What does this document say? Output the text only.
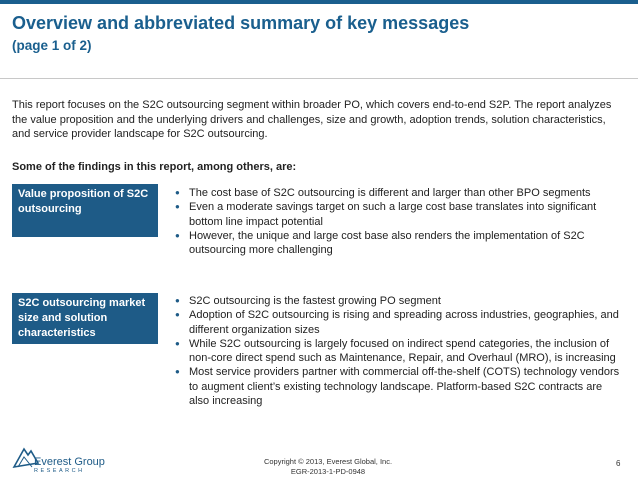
Overview and abbreviated summary of key messages
(page 1 of 2)
This report focuses on the S2C outsourcing segment within broader PO, which covers end-to-end S2P. The report analyzes the value proposition and the underlying drivers and challenges, size and growth, adoption trends, solution characteristics, and service provider landscape for S2C outsourcing.
Some of the findings in this report, among others, are:
Value proposition of S2C outsourcing
● The cost base of S2C outsourcing is different and larger than other BPO segments
● Even a moderate savings target on such a large cost base translates into significant bottom line impact potential
● However, the unique and large cost base also renders the implementation of S2C outsourcing more challenging
S2C outsourcing market size and solution characteristics
● S2C outsourcing is the fastest growing PO segment
● Adoption of S2C outsourcing is rising and spreading across industries, geographies, and different organization sizes
● While S2C outsourcing is largely focused on indirect spend categories, the inclusion of non-core direct spend such as Maintenance, Repair, and Overhaul (MRO), is increasing
● Most service providers partner with commercial off-the-shelf (COTS) technology vendors to augment client’s existing technology landscape. Platform-based S2C contracts are also increasing
Everest Group
RESEARCH
Copyright © 2013, Everest Global, Inc.
EGR-2013-1-PD-0948
6
